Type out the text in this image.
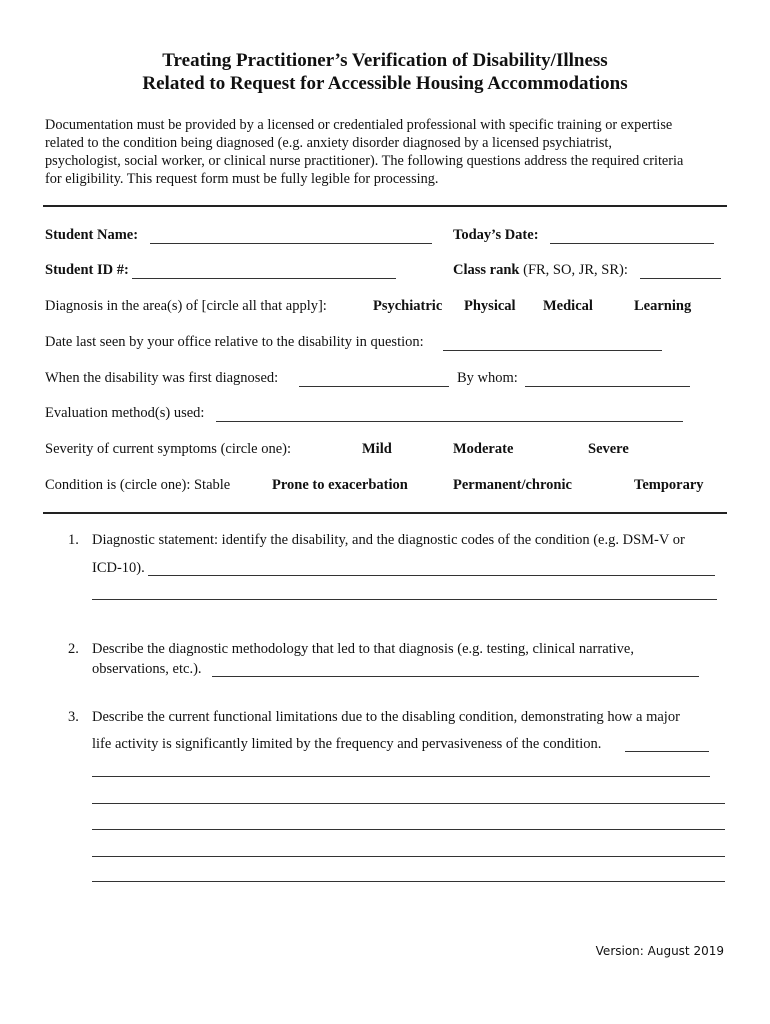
Treating Practitioner’s Verification of Disability/Illness
Related to Request for Accessible Housing Accommodations
Documentation must be provided by a licensed or credentialed professional with specific training or expertise
related to the condition being diagnosed (e.g. anxiety disorder diagnosed by a licensed psychiatrist,
psychologist, social worker, or clinical nurse practitioner). The following questions address the required criteria
for eligibility. This request form must be fully legible for processing.
Student Name:	Today’s Date:
Student ID #:	Class rank (FR, SO, JR, SR):
Diagnosis in the area(s) of [circle all that apply]:	Psychiatric Physical Medical	Learning
Date last seen by your office relative to the disability in question:
When the disability was first diagnosed:	By whom:
Evaluation method(s) used:
Severity of current symptoms (circle one):	Mild	Moderate	Severe
Condition is (circle one): Stable	Prone to exacerbation	Permanent/chronic	Temporary
1. Diagnostic statement: identify the disability, and the diagnostic codes of the condition (e.g. DSM-V or
ICD-10).
2. Describe the diagnostic methodology that led to that diagnosis (e.g. testing, clinical narrative,
observations, etc.).
3. Describe the current functional limitations due to the disabling condition, demonstrating how a major
life activity is significantly limited by the frequency and pervasiveness of the condition.
Version: August 2019
